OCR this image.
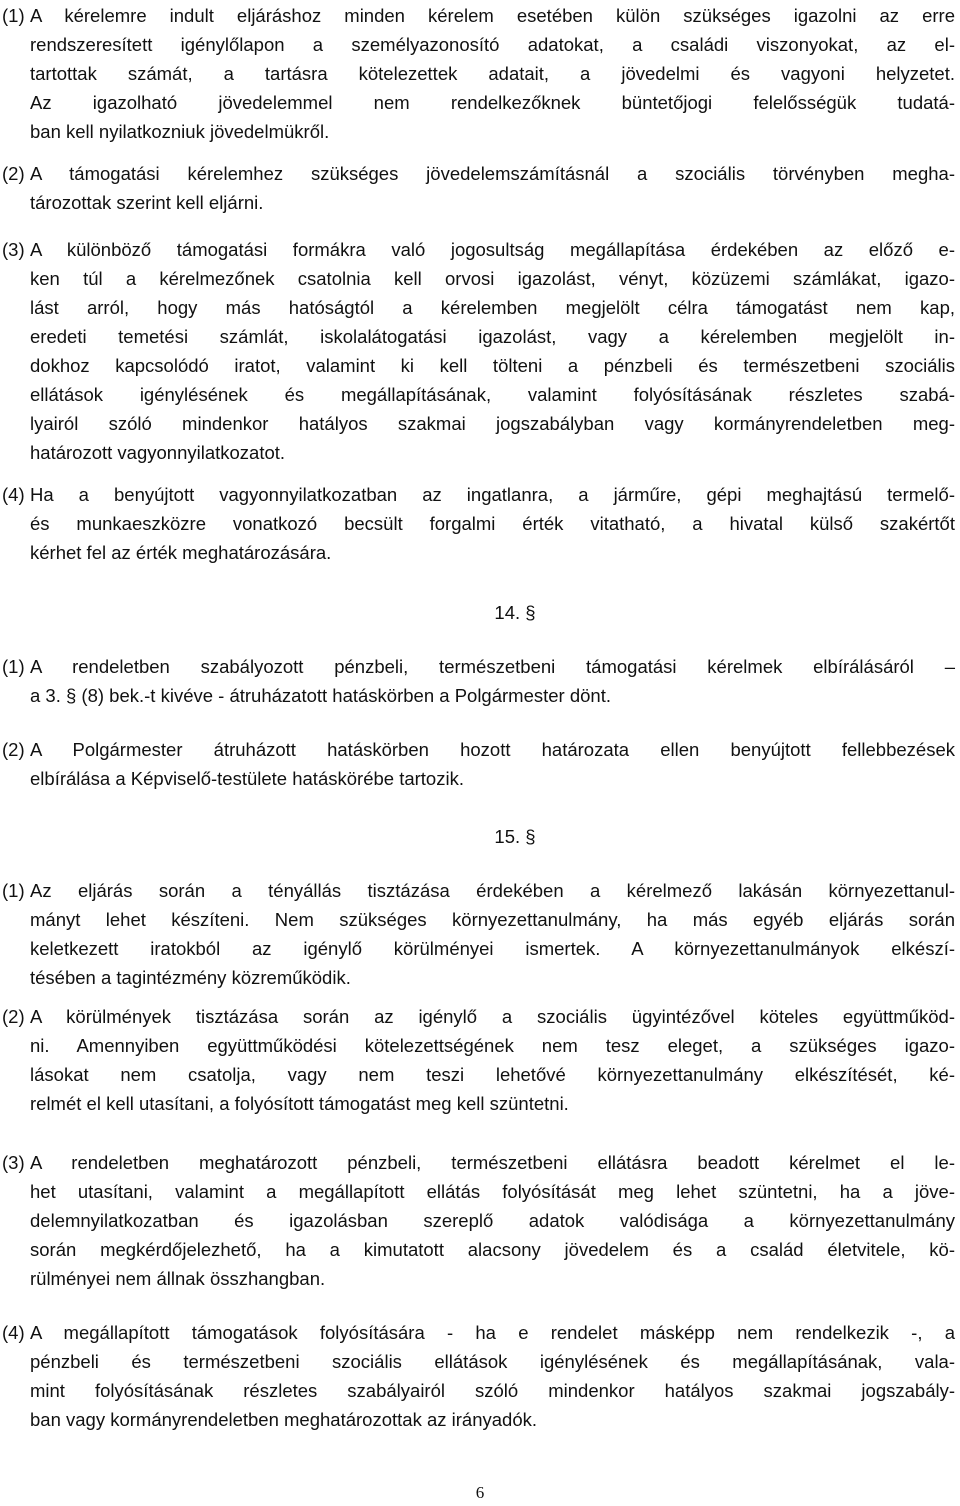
(1) A kérelemre indult eljáráshoz minden kérelem esetében külön szükséges igazolni az erre
rendszeresített igénylőlapon a személyazonosító adatokat, a családi viszonyokat, az el-
tartottak számát, a tartásra kötelezettek adatait, a jövedelmi és vagyoni helyzetet.
Az igazolható jövedelemmel nem rendelkezőknek büntetőjogi felelősségük tudatá-
ban kell nyilatkozniuk jövedelmükről.
(2) A támogatási kérelemhez szükséges jövedelemszámításnál a szociális törvényben megha-
tározottak szerint kell eljárni.
(3) A különböző támogatási formákra való jogosultság megállapítása érdekében az előző e-
ken túl a kérelmezőnek csatolnia kell orvosi igazolást, vényt, közüzemi számlákat, igazo-
lást arról, hogy más hatóságtól a kérelemben megjelölt célra támogatást nem kap,
eredeti temetési számlát, iskolalátogatási igazolást, vagy a kérelemben megjelölt in-
dokhoz kapcsolódó iratot, valamint ki kell tölteni a pénzbeli és természetbeni szociális
ellátások igénylésének és megállapításának, valamint folyósításának részletes szabá-
lyairól szóló mindenkor hatályos szakmai jogszabályban vagy kormányrendeletben meg-
határozott vagyonnyilatkozatot.
(4) Ha a benyújtott vagyonnyilatkozatban az ingatlanra, a járműre, gépi meghajtású termelő-
és munkaeszközre vonatkozó becsült forgalmi érték vitatható, a hivatal külső szakértőt
kérhet fel az érték meghatározására.
14. §
(1) A rendeletben szabályozott pénzbeli, természetbeni támogatási kérelmek elbírálásáról –
a 3. § (8) bek.-t kivéve - átruházatott hatáskörben a Polgármester dönt.
(2) A Polgármester átruházott hatáskörben hozott határozata ellen benyújtott fellebbezések
elbírálása a Képviselő-testülete hatáskörébe tartozik.
15. §
(1) Az eljárás során a tényállás tisztázása érdekében a kérelmező lakásán környezettanul-
mányt lehet készíteni. Nem szükséges környezettanulmány, ha más egyéb eljárás során
keletkezett iratokból az igénylő körülményei ismertek. A környezettanulmányok elkészí-
tésében a tagintézmény közreműködik.
(2) A körülmények tisztázása során az igénylő a szociális ügyintézővel köteles együttműköd-
ni. Amennyiben együttműködési kötelezettségének nem tesz eleget, a szükséges igazo-
lásokat nem csatolja, vagy nem teszi lehetővé környezettanulmány elkészítését, ké-
relmét el kell utasítani, a folyósított támogatást meg kell szüntetni.
(3) A rendeletben meghatározott pénzbeli, természetbeni ellátásra beadott kérelmet el le-
het utasítani, valamint a megállapított ellátás folyósítását meg lehet szüntetni, ha a jöve-
delemnyilatkozatban és igazolásban szereplő adatok valódisága a környezettanulmány
során megkérdőjelezhető, ha a kimutatott alacsony jövedelem és a család életvitele, kö-
rülményei nem állnak összhangban.
(4) A megállapított támogatások folyósítására - ha e rendelet másképp nem rendelkezik -, a
pénzbeli és természetbeni szociális ellátások igénylésének és megállapításának, vala-
mint folyósításának részletes szabályairól szóló mindenkor hatályos szakmai jogszabály-
ban vagy kormányrendeletben meghatározottak az irányadók.
6
